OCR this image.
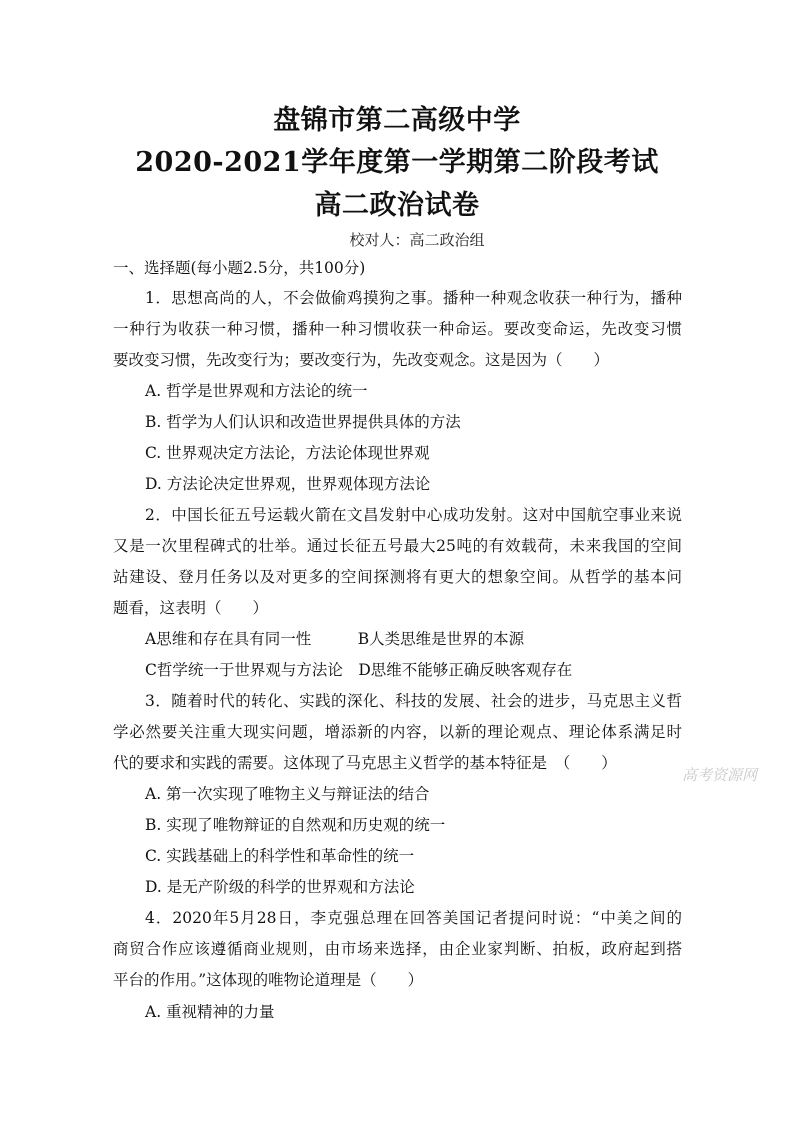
盘锦市第二高级中学
2020-2021学年度第一学期第二阶段考试
高二政治试卷
校对人：高二政治组
一、选择题(每小题2.5分，共100分)
1．思想高尚的人，不会做偷鸡摸狗之事。播种一种观念收获一种行为，播种
一种行为收获一种习惯，播种一种习惯收获一种命运。要改变命运，先改变习惯
要改变习惯，先改变行为；要改变行为，先改变观念。这是因为（　　）
A. 哲学是世界观和方法论的统一
B. 哲学为人们认识和改造世界提供具体的方法
C. 世界观决定方法论，方法论体现世界观
D. 方法论决定世界观，世界观体现方法论
2．中国长征五号运载火箭在文昌发射中心成功发射。这对中国航空事业来说
又是一次里程碑式的壮举。通过长征五号最大25吨的有效载荷，未来我国的空间
站建设、登月任务以及对更多的空间探测将有更大的想象空间。从哲学的基本问
题看，这表明（　　）
A思维和存在具有同一性　　　B人类思维是世界的本源
C哲学统一于世界观与方法论　D思维不能够正确反映客观存在
3．随着时代的转化、实践的深化、科技的发展、社会的进步，马克思主义哲
学必然要关注重大现实问题，增添新的内容，以新的理论观点、理论体系满足时
代的要求和实践的需要。这体现了马克思主义哲学的基本特征是　（　　）
A. 第一次实现了唯物主义与辩证法的结合
B. 实现了唯物辩证的自然观和历史观的统一
C. 实践基础上的科学性和革命性的统一
D. 是无产阶级的科学的世界观和方法论
4．2020年5月28日，李克强总理在回答美国记者提问时说：“中美之间的
商贸合作应该遵循商业规则，由市场来选择，由企业家判断、拍板，政府起到搭
平台的作用。”这体现的唯物论道理是（　　）
A. 重视精神的力量
高考资源网
